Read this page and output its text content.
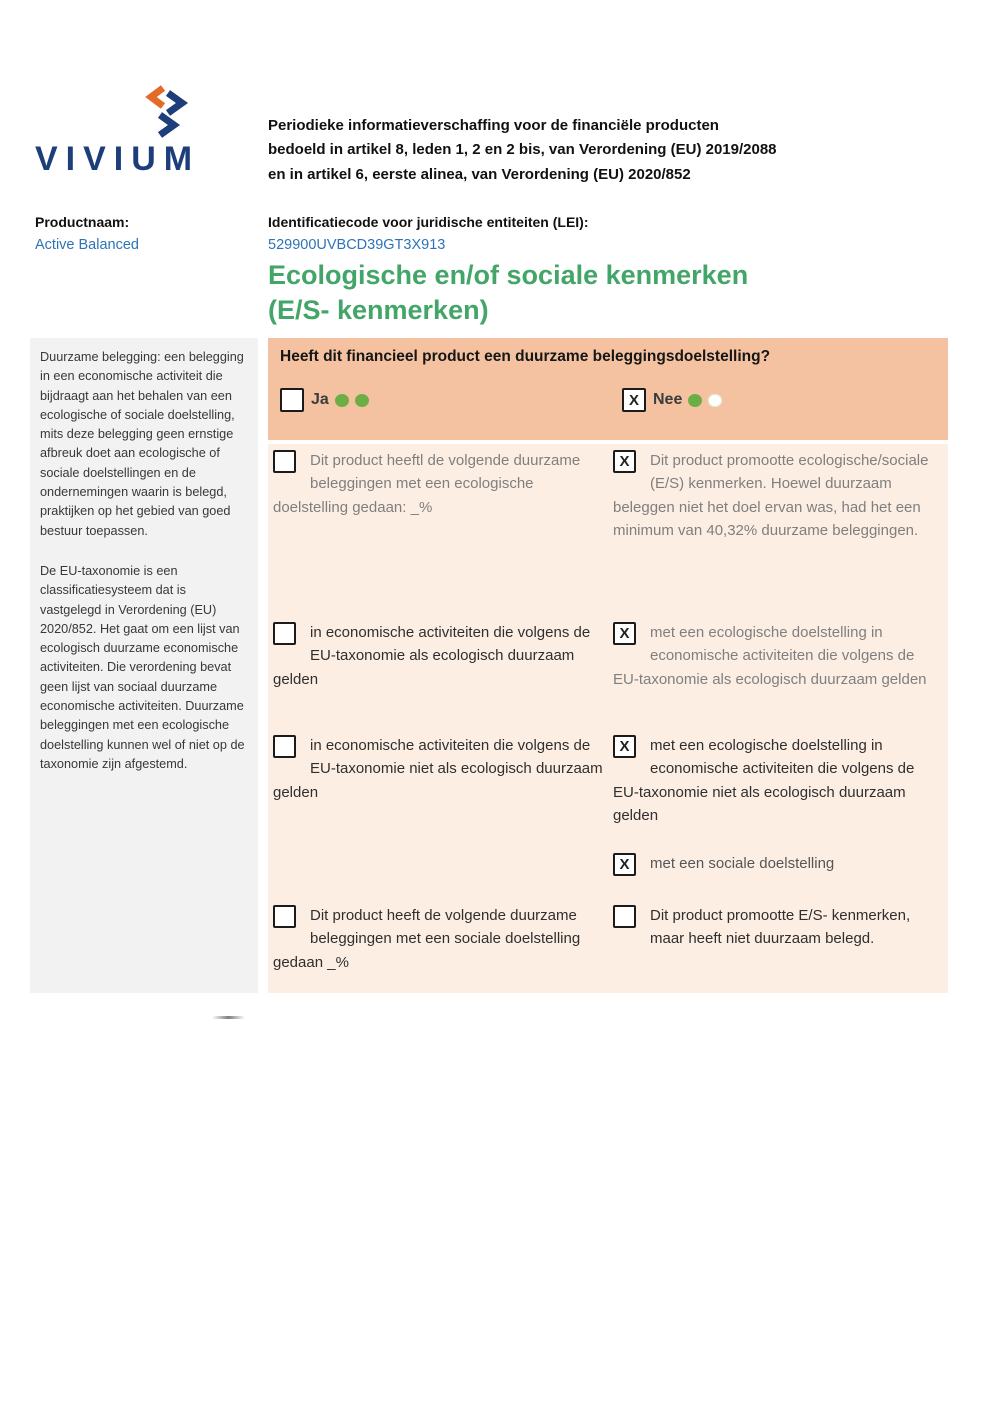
VIVIUM
Periodieke informatieverschaffing voor de financiële producten
bedoeld in artikel 8, leden 1, 2 en 2 bis, van Verordening (EU) 2019/2088
en in artikel 6, eerste alinea, van Verordening (EU) 2020/852
Productnaam:
Active Balanced
Identificatiecode voor juridische entiteiten (LEI):
529900UVBCD39GT3X913
Ecologische en/of sociale kenmerken
(E/S- kenmerken)

Duurzame belegging: een belegging in een economische activiteit die bijdraagt aan het behalen van een ecologische of sociale doelstelling, mits deze belegging geen ernstige afbreuk doet aan ecologische of sociale doelstellingen en de ondernemingen waarin is belegd, praktijken op het gebied van goed bestuur toepassen.

De EU-taxonomie is een classificatiesysteem dat is vastgelegd in Verordening (EU) 2020/852. Het gaat om een lijst van ecologisch duurzame economische activiteiten. Die verordening bevat geen lijst van sociaal duurzame economische activiteiten. Duurzame beleggingen met een ecologische doelstelling kunnen wel of niet op de taxonomie zijn afgestemd.

Heeft dit financieel product een duurzame beleggingsdoelstelling?
Ja	X Nee
Dit product heeftl de volgende duurzame beleggingen met een ecologische doelstelling gedaan: _%
X Dit product promootte ecologische/sociale (E/S) kenmerken. Hoewel duurzaam beleggen niet het doel ervan was, had het een minimum van 40,32% duurzame beleggingen.
in economische activiteiten die volgens de EU-taxonomie als ecologisch duurzaam gelden
X met een ecologische doelstelling in economische activiteiten die volgens de EU-taxonomie als ecologisch duurzaam gelden
in economische activiteiten die volgens de EU-taxonomie niet als ecologisch duurzaam gelden
X met een ecologische doelstelling in economische activiteiten die volgens de EU-taxonomie niet als ecologisch duurzaam gelden
X met een sociale doelstelling
Dit product heeft de volgende duurzame beleggingen met een sociale doelstelling gedaan _%
Dit product promootte E/S- kenmerken, maar heeft niet duurzaam belegd.
